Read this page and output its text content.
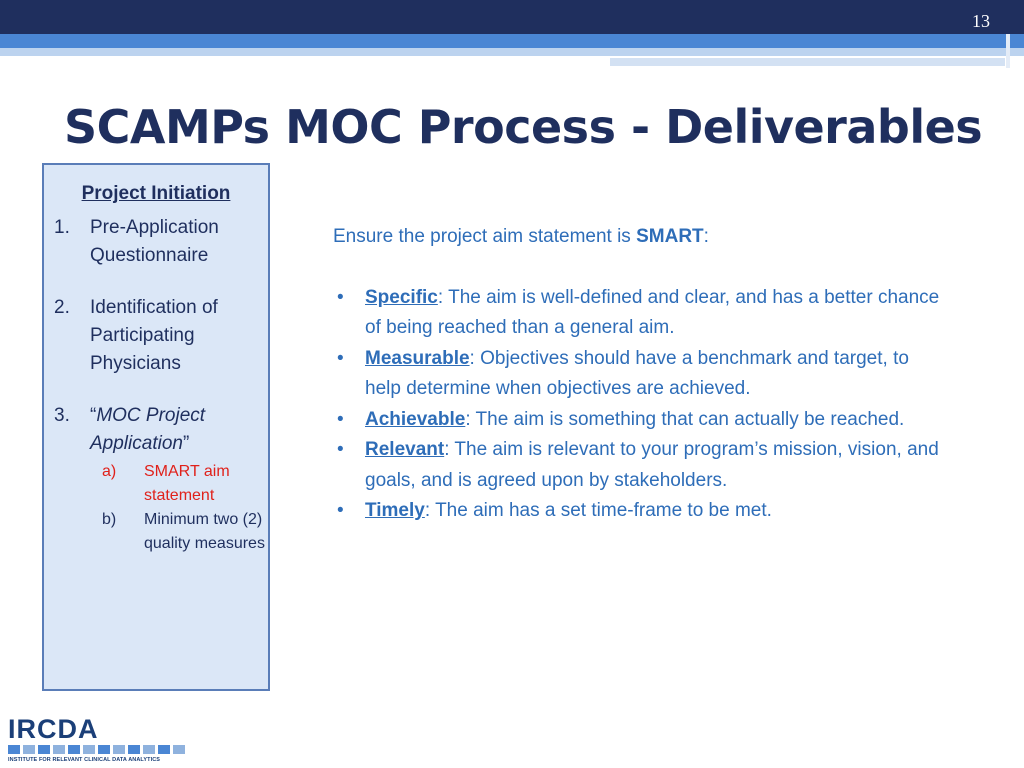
13
SCAMPs MOC Process - Deliverables
Project Initiation
1.	Pre-Application Questionnaire
2.	Identification of Participating Physicians
3.	“MOC Project Application”
a)	SMART aim statement
b)	Minimum two (2) quality measures

Ensure the project aim statement is SMART:

•	Specific: The aim is well-defined and clear, and has a better chance of being reached than a general aim.
•	Measurable: Objectives should have a benchmark and target, to help determine when objectives are achieved.
•	Achievable: The aim is something that can actually be reached.
•	Relevant: The aim is relevant to your program’s mission, vision, and goals, and is agreed upon by stakeholders.
•	Timely: The aim has a set time-frame to be met.
IRCDA
INSTITUTE FOR RELEVANT CLINICAL DATA ANALYTICS
